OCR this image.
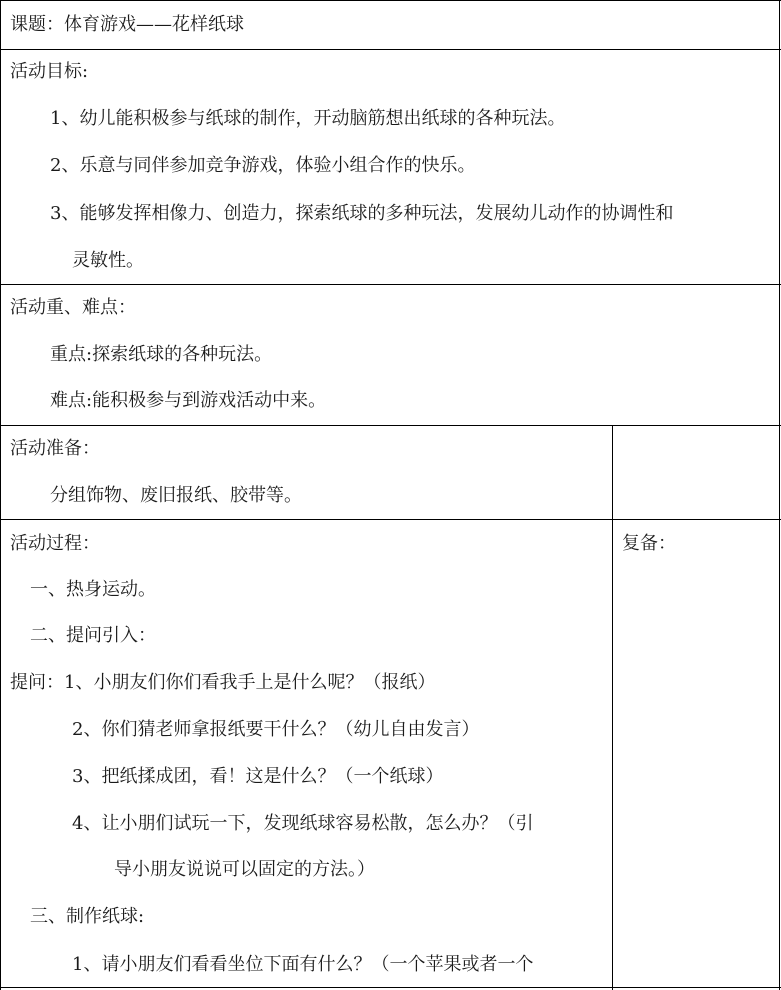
课题：体育游戏——花样纸球
活动目标:
1、幼儿能积极参与纸球的制作，开动脑筋想出纸球的各种玩法。
2、乐意与同伴参加竞争游戏，体验小组合作的快乐。
3、能够发挥相像力、创造力，探索纸球的多种玩法，发展幼儿动作的协调性和
灵敏性。
活动重、难点：
重点:探索纸球的各种玩法。
难点:能积极参与到游戏活动中来。
活动准备：
分组饰物、废旧报纸、胶带等。
活动过程：	复备：
一、热身运动。
二、提问引入：
提问：1、小朋友们你们看我手上是什么呢？（报纸）
2、你们猜老师拿报纸要干什么？（幼儿自由发言）
3、把纸揉成团，看！这是什么？（一个纸球）
4、让小朋们试玩一下，发现纸球容易松散，怎么办？（引
导小朋友说说可以固定的方法。）
三、制作纸球:
1、请小朋友们看看坐位下面有什么？（一个苹果或者一个
